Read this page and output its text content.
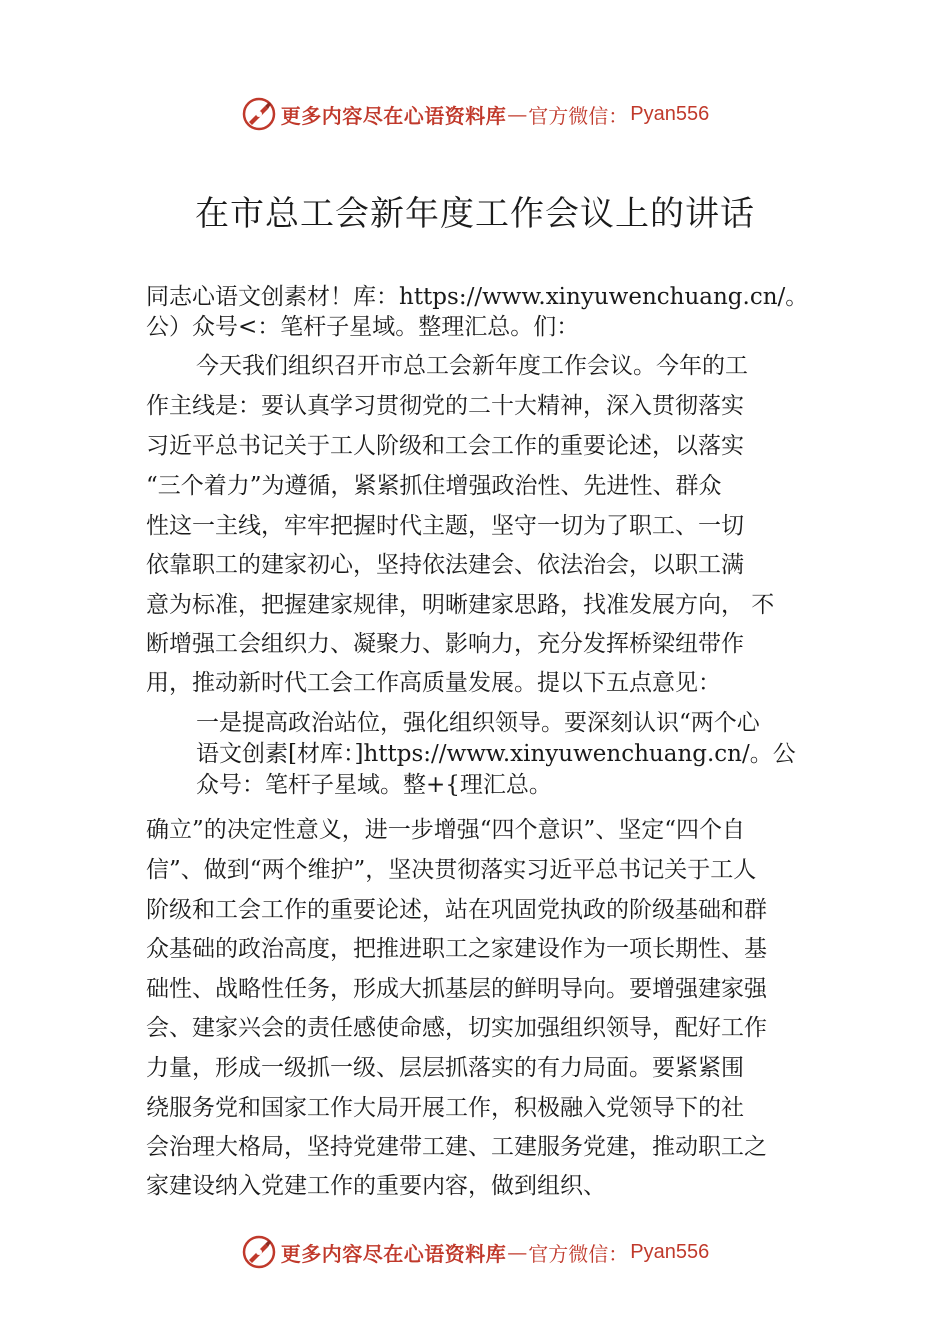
更多内容尽在心语资料库 — 官方微信： Pyan556
在市总工会新年度工作会议上的讲话
同志心语文创素材！库：https://www.xinyuwenchuang.cn/。
公）众号<：笔杆子星域。整理汇总。们：
今天我们组织召开市总工会新年度工作会议。今年的工
作主线是：要认真学习贯彻党的二十大精神，深入贯彻落实
习近平总书记关于工人阶级和工会工作的重要论述，以落实
“三个着力”为遵循，紧紧抓住增强政治性、先进性、群众
性这一主线，牢牢把握时代主题，坚守一切为了职工、一切
依靠职工的建家初心，坚持依法建会、依法治会，以职工满
意为标准，把握建家规律，明晰建家思路，找准发展方向， 不
断增强工会组织力、凝聚力、影响力，充分发挥桥梁纽带作
用，推动新时代工会工作高质量发展。提以下五点意见：
一是提高政治站位，强化组织领导。要深刻认识“两个心
语文创素[材库：]https://www.xinyuwenchuang.cn/。公
众号：笔杆子星域。整+{理汇总。
确立”的决定性意义，进一步增强“四个意识”、坚定“四个自
信”、做到“两个维护”，坚决贯彻落实习近平总书记关于工人
阶级和工会工作的重要论述，站在巩固党执政的阶级基础和群
众基础的政治高度，把推进职工之家建设作为一项长期性、基
础性、战略性任务，形成大抓基层的鲜明导向。要增强建家强
会、建家兴会的责任感使命感，切实加强组织领导，配好工作
力量，形成一级抓一级、层层抓落实的有力局面。要紧紧围
绕服务党和国家工作大局开展工作，积极融入党领导下的社
会治理大格局，坚持党建带工建、工建服务党建，推动职工之
家建设纳入党建工作的重要内容，做到组织、
更多内容尽在心语资料库 — 官方微信： Pyan556
